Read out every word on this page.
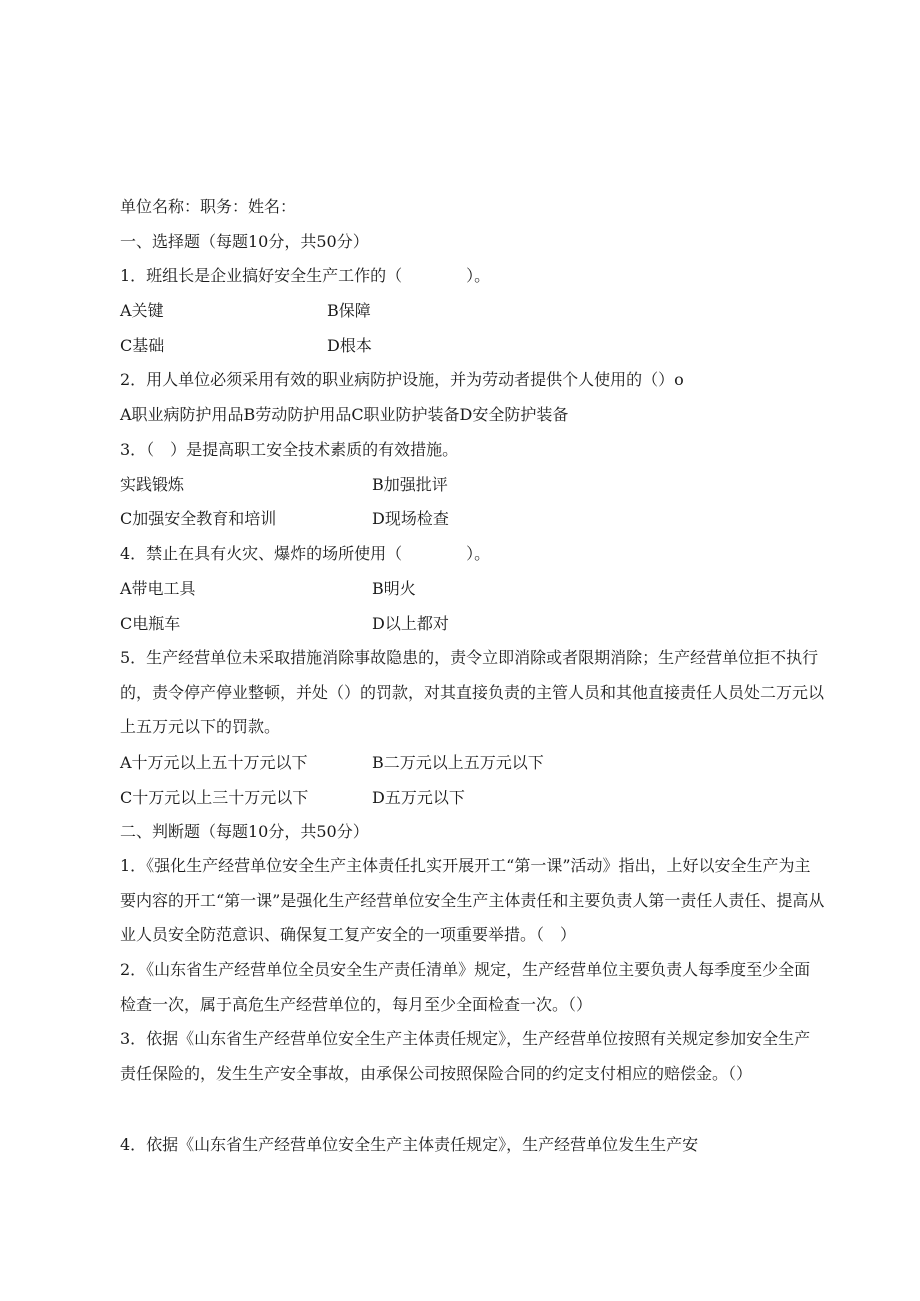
单位名称：职务：姓名：
一、选择题（每题10分，共50分）
1．班组长是企业搞好安全生产工作的（　　　　）。
A关键	B保障
C基础	D根本
2．用人单位必须采用有效的职业病防护设施，并为劳动者提供个人使用的（）o
A职业病防护用品B劳动防护用品C职业防护装备D安全防护装备
3．（　）是提高职工安全技术素质的有效措施。
实践锻炼	B加强批评
C加强安全教育和培训	D现场检查
4．禁止在具有火灾、爆炸的场所使用（　　　　）。
A带电工具	B明火
C电瓶车	D以上都对
5．生产经营单位未采取措施消除事故隐患的，责令立即消除或者限期消除；生产经营单位拒不执行的，责令停产停业整顿，并处（）的罚款，对其直接负责的主管人员和其他直接责任人员处二万元以上五万元以下的罚款。
A十万元以上五十万元以下	B二万元以上五万元以下
C十万元以上三十万元以下	D五万元以下
二、判断题（每题10分，共50分）
1．《强化生产经营单位安全生产主体责任扎实开展开工“第一课”活动》指出，上好以安全生产为主要内容的开工“第一课”是强化生产经营单位安全生产主体责任和主要负责人第一责任人责任、提高从业人员安全防范意识、确保复工复产安全的一项重要举措。（　）
2．《山东省生产经营单位全员安全生产责任清单》规定，生产经营单位主要负责人每季度至少全面检查一次，属于高危生产经营单位的，每月至少全面检查一次。（）
3．依据《山东省生产经营单位安全生产主体责任规定》，生产经营单位按照有关规定参加安全生产责任保险的，发生生产安全事故，由承保公司按照保险合同的约定支付相应的赔偿金。（）
4．依据《山东省生产经营单位安全生产主体责任规定》，生产经营单位发生生产安
